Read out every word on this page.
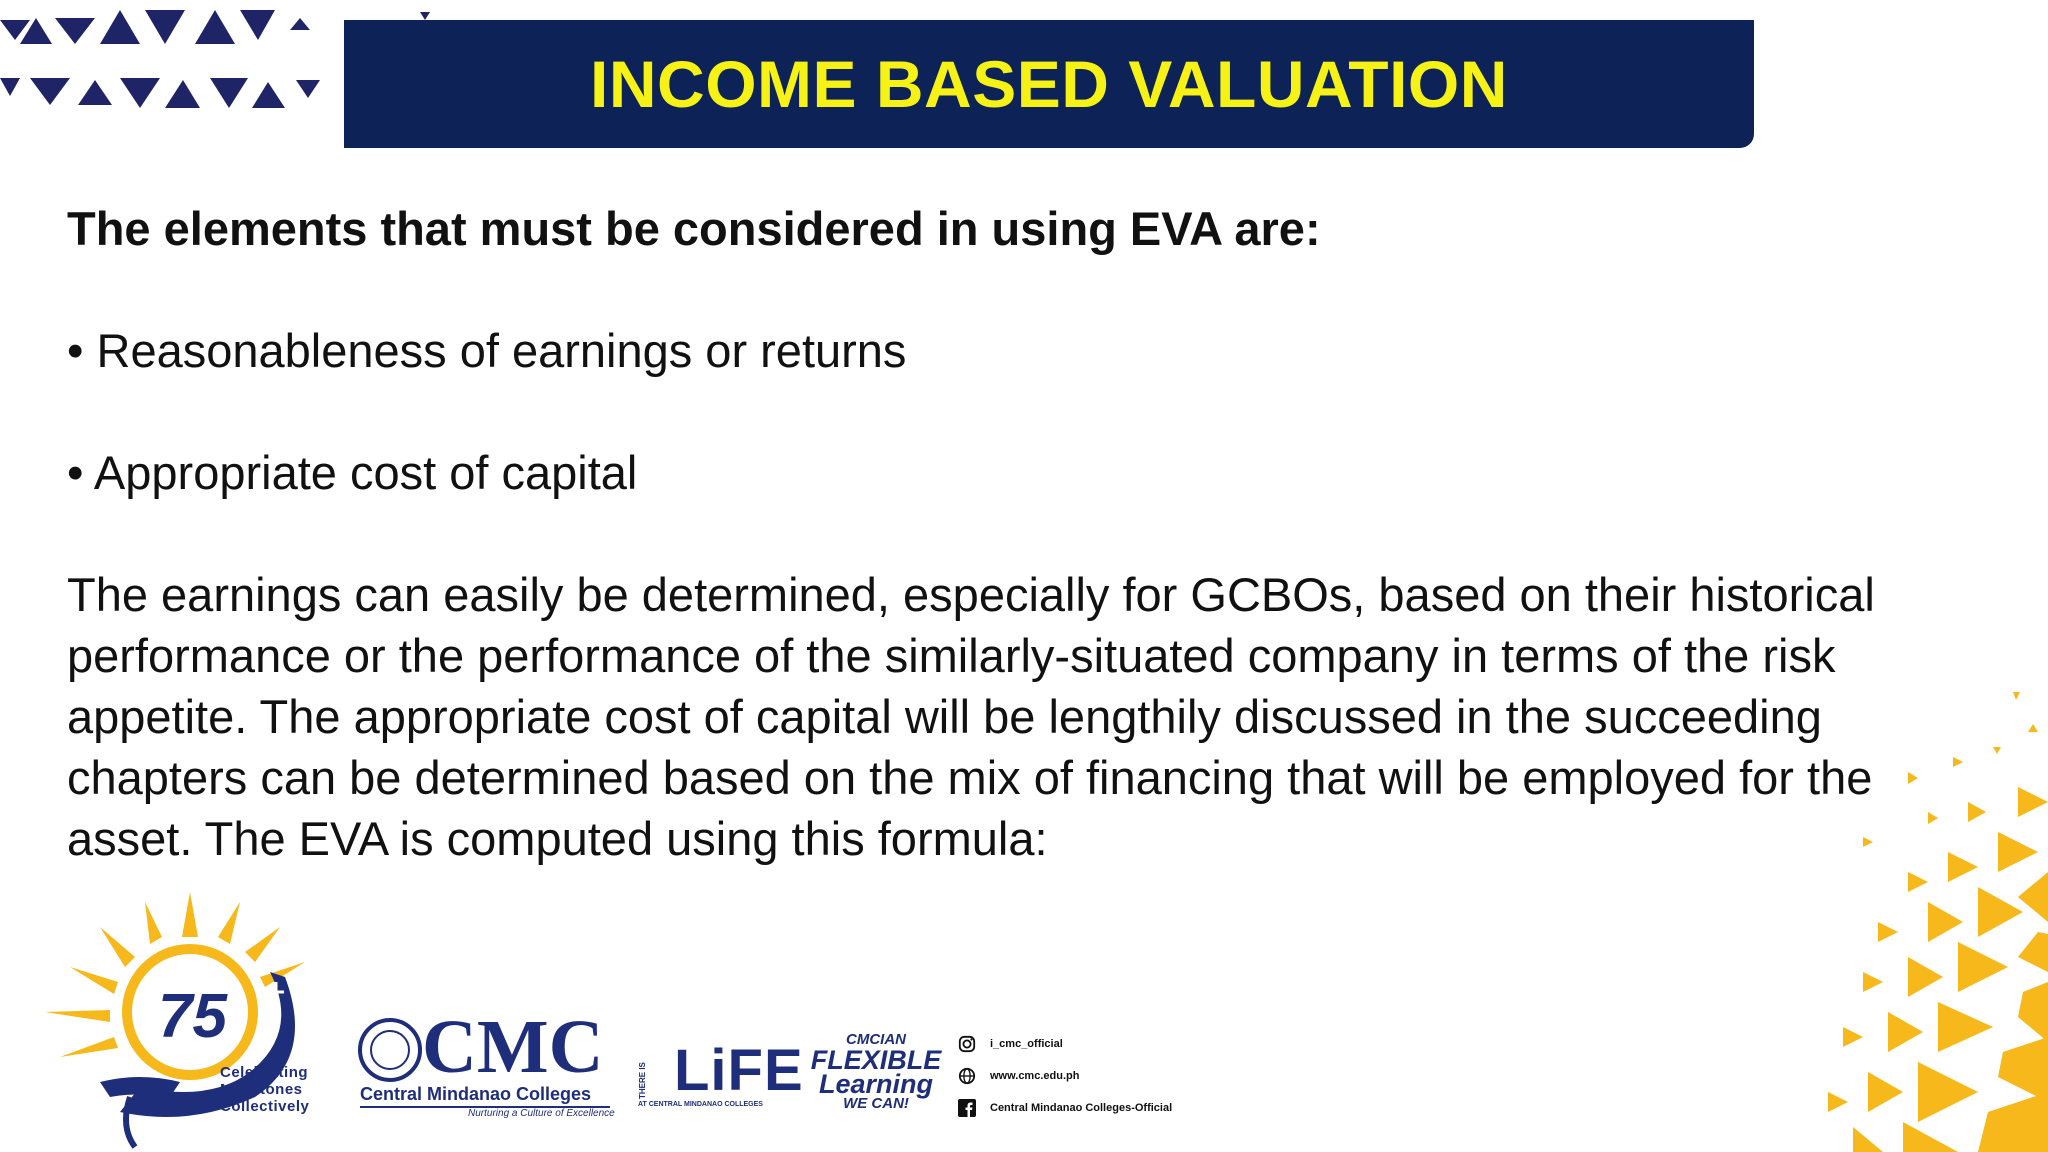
INCOME BASED VALUATION

The elements that must be considered in using EVA are:

• Reasonableness of earnings or returns

• Appropriate cost of capital

The earnings can easily be determined, especially for GCBOs, based on their historical performance or the performance of the similarly-situated company in terms of the risk appetite. The appropriate cost of capital will be lengthily discussed in the succeeding chapters can be determined based on the mix of financing that will be employed for the asset. The EVA is computed using this formula:

75
Celebrating
Milestones
Collectively
CMC
Central Mindanao Colleges
Nurturing a Culture of Excellence
THERE IS LiFE
AT CENTRAL MINDANAO COLLEGES
CMCIAN
FLEXIBLE
Learning
WE CAN!
i_cmc_official
www.cmc.edu.ph
Central Mindanao Colleges-Official
